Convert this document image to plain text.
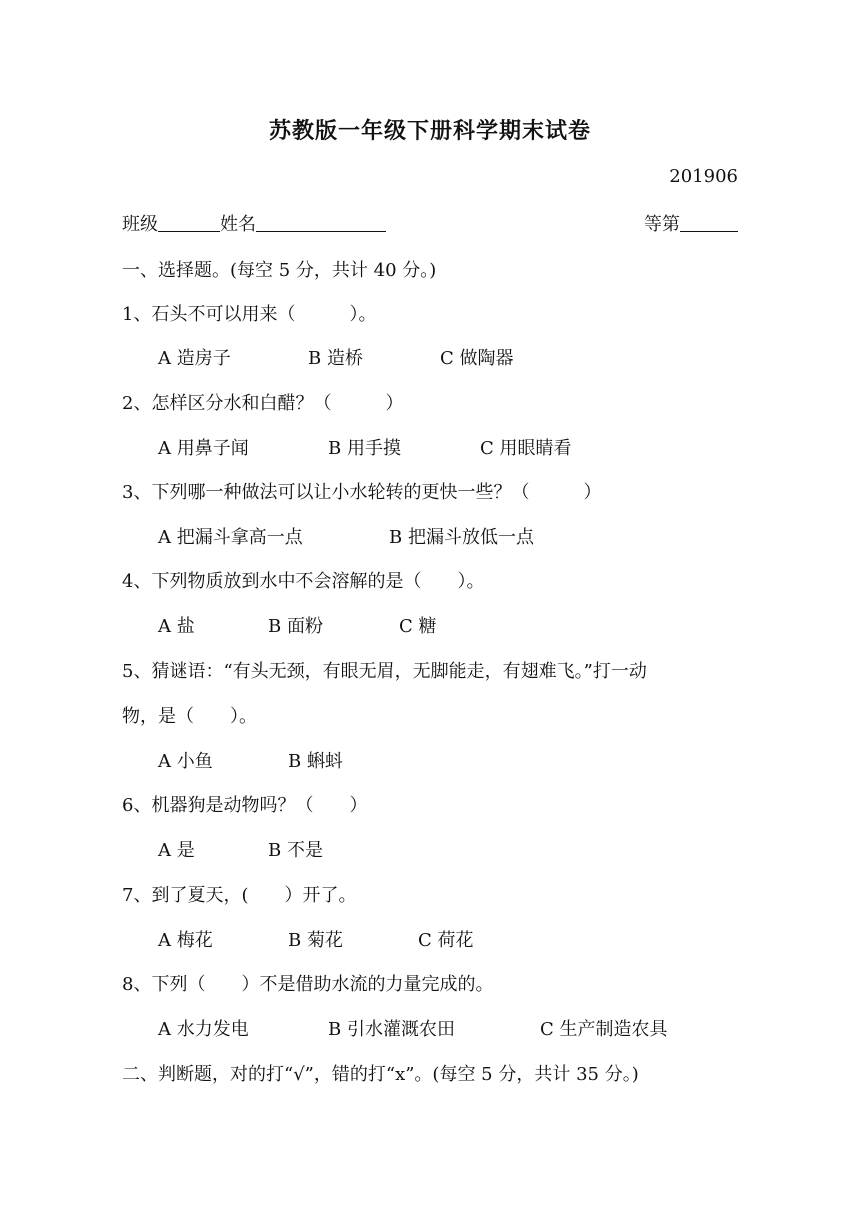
苏教版一年级下册科学期末试卷
201906
班级	姓名	等第
一、选择题。(每空 5 分，共计 40 分。)
1、石头不可以用来（　　　）。
A 造房子	B 造桥	C 做陶器
2、怎样区分水和白醋？（　　　）
A 用鼻子闻	B 用手摸	C 用眼睛看
3、下列哪一种做法可以让小水轮转的更快一些？（　　　）
A 把漏斗拿高一点	B 把漏斗放低一点
4、下列物质放到水中不会溶解的是（　　）。
A 盐	B 面粉	C 糖
5、猜谜语：“有头无颈，有眼无眉，无脚能走，有翅难飞。”打一动
物，是（　　）。
A 小鱼	B 蝌蚪
6、机器狗是动物吗？（　　）
A 是	B 不是
7、到了夏天，(　　）开了。
A 梅花	B 菊花	C 荷花
8、下列（　　）不是借助水流的力量完成的。
A 水力发电	B 引水灌溉农田	C 生产制造农具
二、判断题，对的打“√”，错的打“x”。(每空 5 分，共计 35 分。)
